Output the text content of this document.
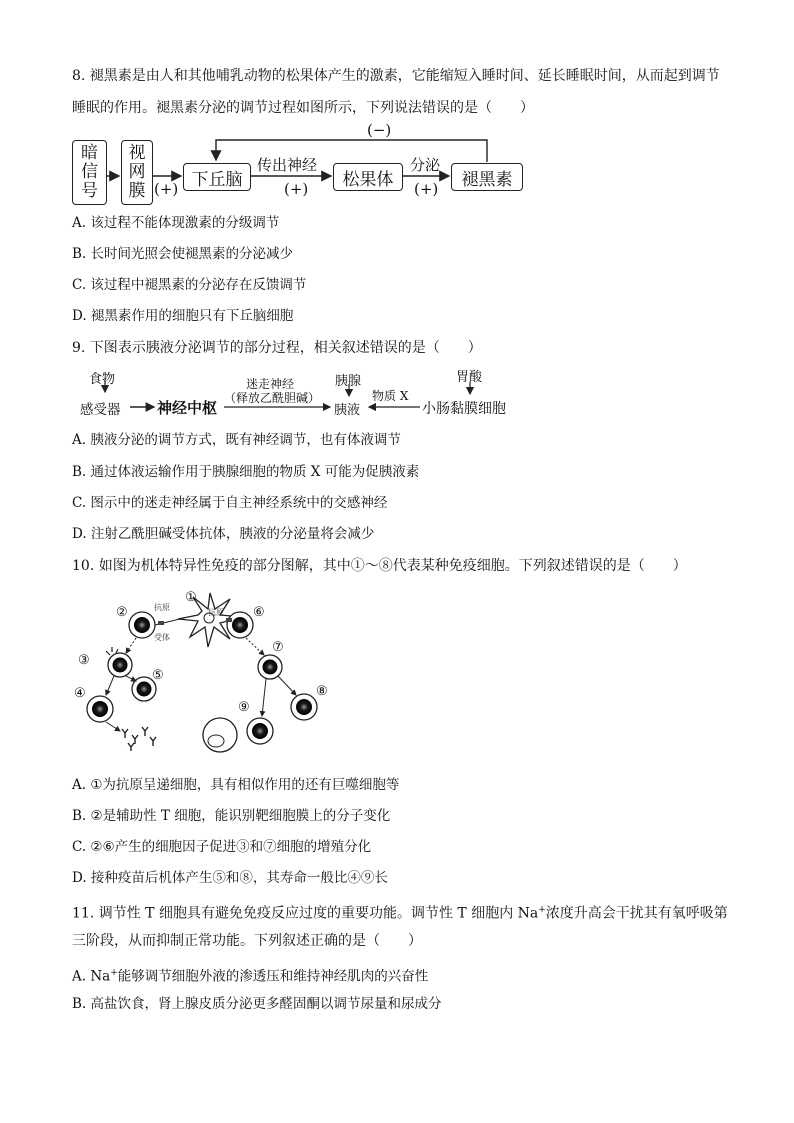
8. 褪黑素是由人和其他哺乳动物的松果体产生的激素，它能缩短入睡时间、延长睡眠时间，从而起到调节
睡眠的作用。褪黑素分泌的调节过程如图所示，下列说法错误的是（　　）
暗
信
号
视
网
膜
下丘脑	松果体	褪黑素
(+)
传出神经
(+)
分泌
(+)
(−)
A. 该过程不能体现激素的分级调节
B. 长时间光照会使褪黑素的分泌减少
C. 该过程中褪黑素的分泌存在反馈调节
D. 褪黑素作用的细胞只有下丘脑细胞
9. 下图表示胰液分泌调节的部分过程，相关叙述错误的是（　　）
食物
感受器 神经中枢
迷走神经
（释放乙酰胆碱）
胰腺
胰液
物质 X
小肠黏膜细胞
胃酸
A. 胰液分泌的调节方式，既有神经调节，也有体液调节
B. 通过体液运输作用于胰腺细胞的物质 X 可能为促胰液素
C. 图示中的迷走神经属于自主神经系统中的交感神经
D. 注射乙酰胆碱受体抗体，胰液的分泌量将会减少
10. 如图为机体特异性免疫的部分图解，其中①～⑧代表某种免疫细胞。下列叙述错误的是（　　）
②
①
⑥
③
⑤
④
⑦
⑧
⑨
抗原
抗原
受体
A. ①为抗原呈递细胞，具有相似作用的还有巨噬细胞等
B. ②是辅助性 T 细胞，能识别靶细胞膜上的分子变化
C. ②⑥产生的细胞因子促进③和⑦细胞的增殖分化
D. 接种疫苗后机体产生⑤和⑧，其寿命一般比④⑨长
11. 调节性 T 细胞具有避免免疫反应过度的重要功能。调节性 T 细胞内 Na+浓度升高会干扰其有氧呼吸第
三阶段，从而抑制正常功能。下列叙述正确的是（　　）
A. Na+能够调节细胞外液的渗透压和维持神经肌肉的兴奋性
B. 高盐饮食，肾上腺皮质分泌更多醛固酮以调节尿量和尿成分
